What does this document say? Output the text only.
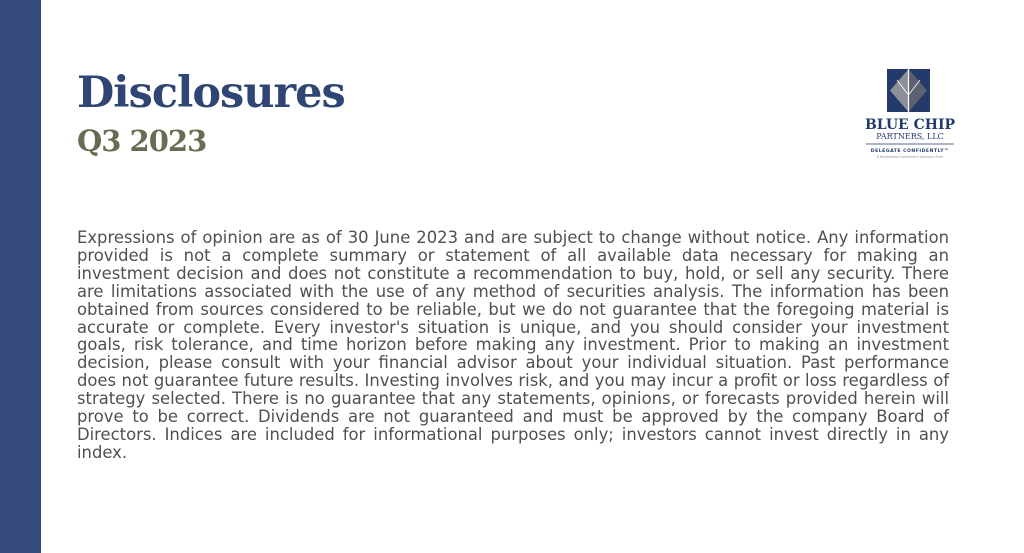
Disclosures
Q3 2023	BLUE CHIP
PARTNERS, LLC
DELEGATE CONFIDENTLY™
A Registered Investment Advisory Firm

Expressions of opinion are as of 30 June 2023 and are subject to change without notice. Any information provided is not a complete summary or statement of all available data necessary for making an investment decision and does not constitute a recommendation to buy, hold, or sell any security. There are limitations associated with the use of any method of securities analysis. The information has been obtained from sources considered to be reliable, but we do not guarantee that the foregoing material is accurate or complete. Every investor's situation is unique, and you should consider your investment goals, risk tolerance, and time horizon before making any investment. Prior to making an investment decision, please consult with your financial advisor about your individual situation. Past performance does not guarantee future results. Investing involves risk, and you may incur a profit or loss regardless of strategy selected. There is no guarantee that any statements, opinions, or forecasts provided herein will prove to be correct. Dividends are not guaranteed and must be approved by the company Board of Directors. Indices are included for informational purposes only; investors cannot invest directly in any index.
